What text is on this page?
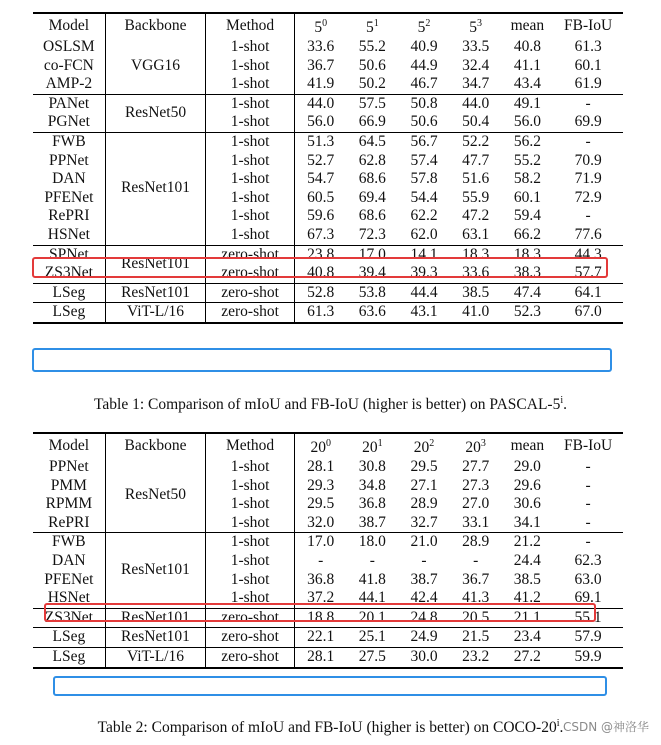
Model	Backbone	Method	$5^0$	$5^1$	$5^2$	$5^3$	mean	FB-IoU
OSLSM	VGG16	1-shot	33.6	55.2	40.9	33.5	40.8	61.3
co-FCN		1-shot	36.7	50.6	44.9	32.4	41.1	60.1
AMP-2		1-shot	41.9	50.2	46.7	34.7	43.4	61.9
PANet	ResNet50	1-shot	44.0	57.5	50.8	44.0	49.1	-
PGNet		1-shot	56.0	66.9	50.6	50.4	56.0	69.9
FWB	ResNet101	1-shot	51.3	64.5	56.7	52.2	56.2	-
PPNet		1-shot	52.7	62.8	57.4	47.7	55.2	70.9
DAN		1-shot	54.7	68.6	57.8	51.6	58.2	71.9
PFENet		1-shot	60.5	69.4	54.4	55.9	60.1	72.9
RePRI		1-shot	59.6	68.6	62.2	47.2	59.4	-
HSNet		1-shot	67.3	72.3	62.0	63.1	66.2	77.6
SPNet	ResNet101	zero-shot	23.8	17.0	14.1	18.3	18.3	44.3
ZS3Net		zero-shot	40.8	39.4	39.3	33.6	38.3	57.7
LSeg	ResNet101	zero-shot	52.8	53.8	44.4	38.5	47.4	64.1
LSeg	ViT-L/16	zero-shot	61.3	63.6	43.1	41.0	52.3	67.0
Model	Backbone	Method	$20^0$	$20^1$	$20^2$	$20^3$	mean	FB-IoU
PPNet	ResNet50	1-shot	28.1	30.8	29.5	27.7	29.0	-
PMM		1-shot	29.3	34.8	27.1	27.3	29.6	-
RPMM		1-shot	29.5	36.8	28.9	27.0	30.6	-
RePRI		1-shot	32.0	38.7	32.7	33.1	34.1	-
FWB	ResNet101	1-shot	17.0	18.0	21.0	28.9	21.2	-
DAN		1-shot	-	-	-	-	24.4	62.3
PFENet		1-shot	36.8	41.8	38.7	36.7	38.5	63.0
HSNet		1-shot	37.2	44.1	42.4	41.3	41.2	69.1
ZS3Net	ResNet101	zero-shot	18.8	20.1	24.8	20.5	21.1	55.1
LSeg	ResNet101	zero-shot	22.1	25.1	24.9	21.5	23.4	57.9
LSeg	ViT-L/16	zero-shot	28.1	27.5	30.0	23.2	27.2	59.9
Table 1: Comparison of mIoU and FB-IoU (higher is better) on PASCAL-5$^i$.
Table 2: Comparison of mIoU and FB-IoU (higher is better) on COCO-20$^i$. CSDN @神洛华
